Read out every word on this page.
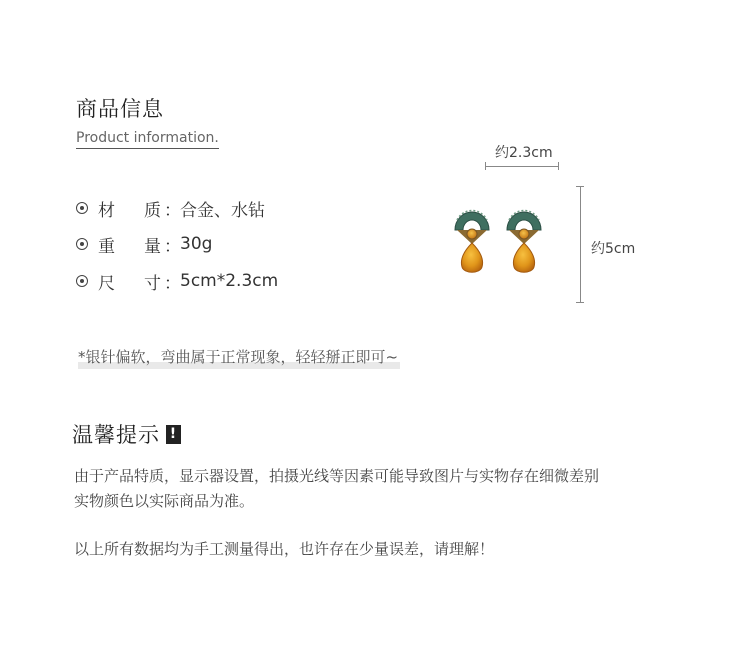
商品信息
Product information.
材	质 ： 合金、水钻
重	量 ： 30g
尺	寸 ： 5cm*2.3cm
约2.3cm
约5cm
*银针偏软，弯曲属于正常现象，轻轻掰正即可~
温馨提示 !
由于产品特质，显示器设置，拍摄光线等因素可能导致图片与实物存在细微差别
实物颜色以实际商品为准。
以上所有数据均为手工测量得出，也许存在少量误差，请理解！
